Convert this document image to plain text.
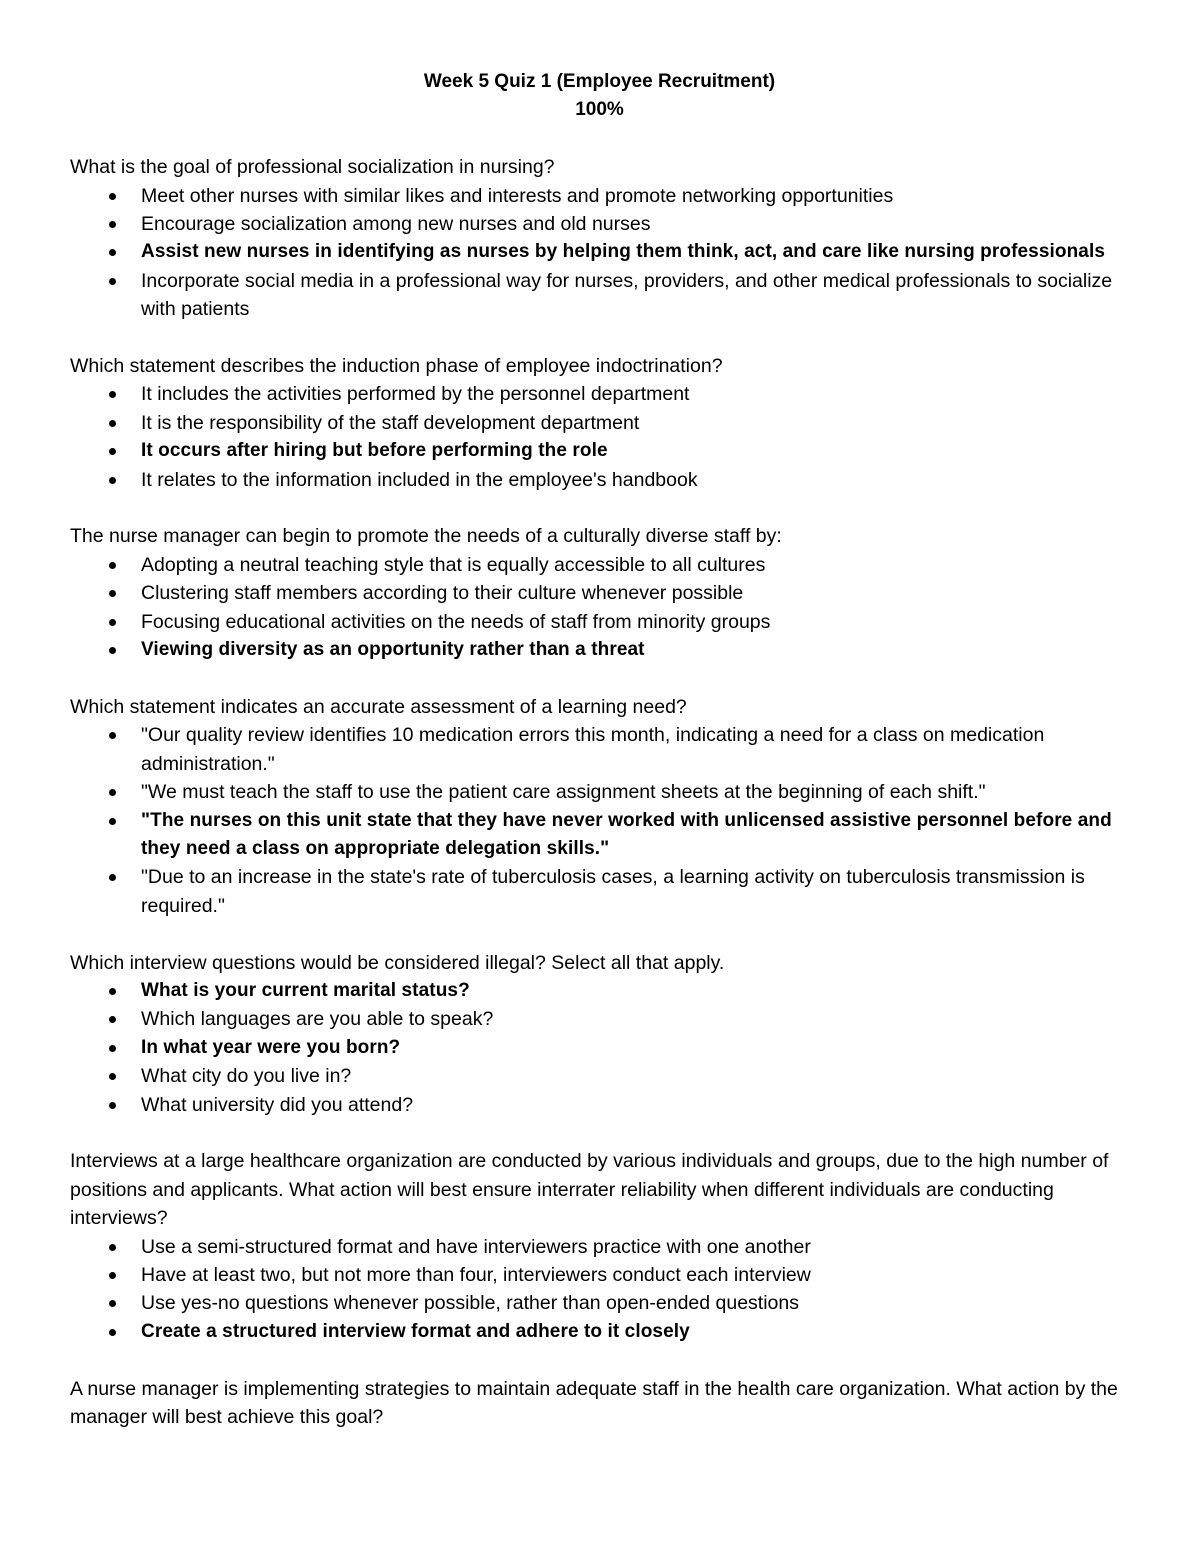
Week 5 Quiz 1 (Employee Recruitment)
100%

What is the goal of professional socialization in nursing?

Meet other nurses with similar likes and interests and promote networking opportunities
Encourage socialization among new nurses and old nurses
Assist new nurses in identifying as nurses by helping them think, act, and care like nursing professionals
Incorporate social media in a professional way for nurses, providers, and other medical professionals to socialize with patients

Which statement describes the induction phase of employee indoctrination?

It includes the activities performed by the personnel department
It is the responsibility of the staff development department
It occurs after hiring but before performing the role
It relates to the information included in the employee's handbook

The nurse manager can begin to promote the needs of a culturally diverse staff by:

Adopting a neutral teaching style that is equally accessible to all cultures
Clustering staff members according to their culture whenever possible
Focusing educational activities on the needs of staff from minority groups
Viewing diversity as an opportunity rather than a threat

Which statement indicates an accurate assessment of a learning need?

"Our quality review identifies 10 medication errors this month, indicating a need for a class on medication administration."
"We must teach the staff to use the patient care assignment sheets at the beginning of each shift."
"The nurses on this unit state that they have never worked with unlicensed assistive personnel before and they need a class on appropriate delegation skills."
"Due to an increase in the state's rate of tuberculosis cases, a learning activity on tuberculosis transmission is required."

Which interview questions would be considered illegal? Select all that apply.

What is your current marital status?
Which languages are you able to speak?
In what year were you born?
What city do you live in?
What university did you attend?

Interviews at a large healthcare organization are conducted by various individuals and groups, due to the high number of positions and applicants. What action will best ensure interrater reliability when different individuals are conducting interviews?

Use a semi-structured format and have interviewers practice with one another
Have at least two, but not more than four, interviewers conduct each interview
Use yes-no questions whenever possible, rather than open-ended questions
Create a structured interview format and adhere to it closely

A nurse manager is implementing strategies to maintain adequate staff in the health care organization. What action by the manager will best achieve this goal?
